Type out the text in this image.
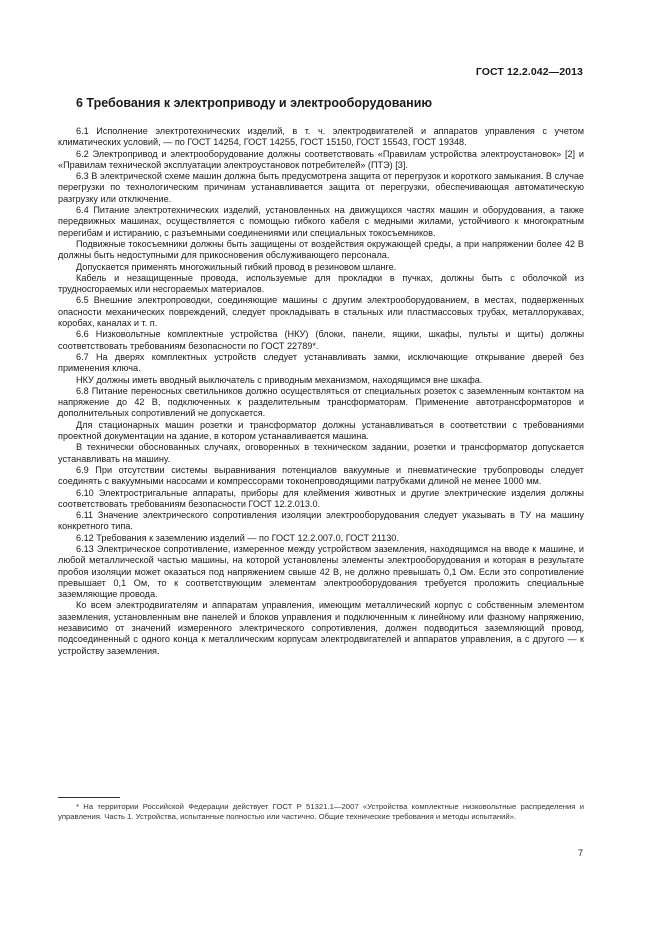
ГОСТ 12.2.042—2013
6 Требования к электроприводу и электрооборудованию

6.1 Исполнение электротехнических изделий, в т. ч. электродвигателей и аппаратов управления с учетом климатических условий, — по ГОСТ 14254, ГОСТ 14255, ГОСТ 15150, ГОСТ 15543, ГОСТ 19348.

6.2 Электропривод и электрооборудование должны соответствовать «Правилам устройства электроустановок» [2] и «Правилам технической эксплуатации электроустановок потребителей» (ПТЭ) [3].

6.3 В электрической схеме машин должна быть предусмотрена защита от перегрузок и короткого замыкания. В случае перегрузки по технологическим причинам устанавливается защита от перегрузки, обеспечивающая автоматическую разгрузку или отключение.

6.4 Питание электротехнических изделий, установленных на движущихся частях машин и оборудования, а также передвижных машинах, осуществляется с помощью гибкого кабеля с медными жилами, устойчивого к многократным перегибам и истиранию, с разъемными соединениями или специальных токосъемников.

Подвижные токосъемники должны быть защищены от воздействия окружающей среды, а при напряжении более 42 В должны быть недоступными для прикосновения обслуживающего персонала.

Допускается применять многожильный гибкий провод в резиновом шланге.

Кабель и незащищенные провода, используемые для прокладки в пучках, должны быть с оболочкой из трудносгораемых или несгораемых материалов.

6.5 Внешние электропроводки, соединяющие машины с другим электрооборудованием, в местах, подверженных опасности механических повреждений, следует прокладывать в стальных или пластмассовых трубах, металлорукавах, коробах, каналах и т. п.

6.6 Низковольтные комплектные устройства (НКУ) (блоки, панели, ящики, шкафы, пульты и щиты) должны соответствовать требованиям безопасности по ГОСТ 22789*.

6.7 На дверях комплектных устройств следует устанавливать замки, исключающие открывание дверей без применения ключа.

НКУ должны иметь вводный выключатель с приводным механизмом, находящимся вне шкафа.

6.8 Питание переносных светильников должно осуществляться от специальных розеток с заземленным контактом на напряжение до 42 В, подключенных к разделительным трансформаторам. Применение автотрансформаторов и дополнительных сопротивлений не допускается.

Для стационарных машин розетки и трансформатор должны устанавливаться в соответствии с требованиями проектной документации на здание, в котором устанавливается машина.

В технически обоснованных случаях, оговоренных в техническом задании, розетки и трансформатор допускается устанавливать на машину.

6.9 При отсутствии системы выравнивания потенциалов вакуумные и пневматические трубопроводы следует соединять с вакуумными насосами и компрессорами токонепроводящими патрубками длиной не менее 1000 мм.

6.10 Электростригальные аппараты, приборы для клеймения животных и другие электрические изделия должны соответствовать требованиям безопасности ГОСТ 12.2.013.0.

6.11 Значение электрического сопротивления изоляции электрооборудования следует указывать в ТУ на машину конкретного типа.

6.12 Требования к заземлению изделий — по ГОСТ 12.2.007.0, ГОСТ 21130.

6.13 Электрическое сопротивление, измеренное между устройством заземления, находящимся на вводе к машине, и любой металлической частью машины, на которой установлены элементы электрооборудования и которая в результате пробоя изоляции может оказаться под напряжением свыше 42 В, не должно превышать 0,1 Ом. Если это сопротивление превышает 0,1 Ом, то к соответствующим элементам электрооборудования требуется проложить специальные заземляющие провода.

Ко всем электродвигателям и аппаратам управления, имеющим металлический корпус с собственным элементом заземления, установленным вне панелей и блоков управления и подключенным к линейному или фазному напряжению, независимо от значений измеренного электрического сопротивления, должен подводиться заземляющий провод, подсоединенный с одного конца к металлическим корпусам электродвигателей и аппаратов управления, а с другого — к устройству заземления.

* На территории Российской Федерации действует ГОСТ Р 51321.1—2007 «Устройства комплектные низковольтные распределения и управления. Часть 1. Устройства, испытанные полностью или частично. Общие технические требования и методы испытаний».
7
